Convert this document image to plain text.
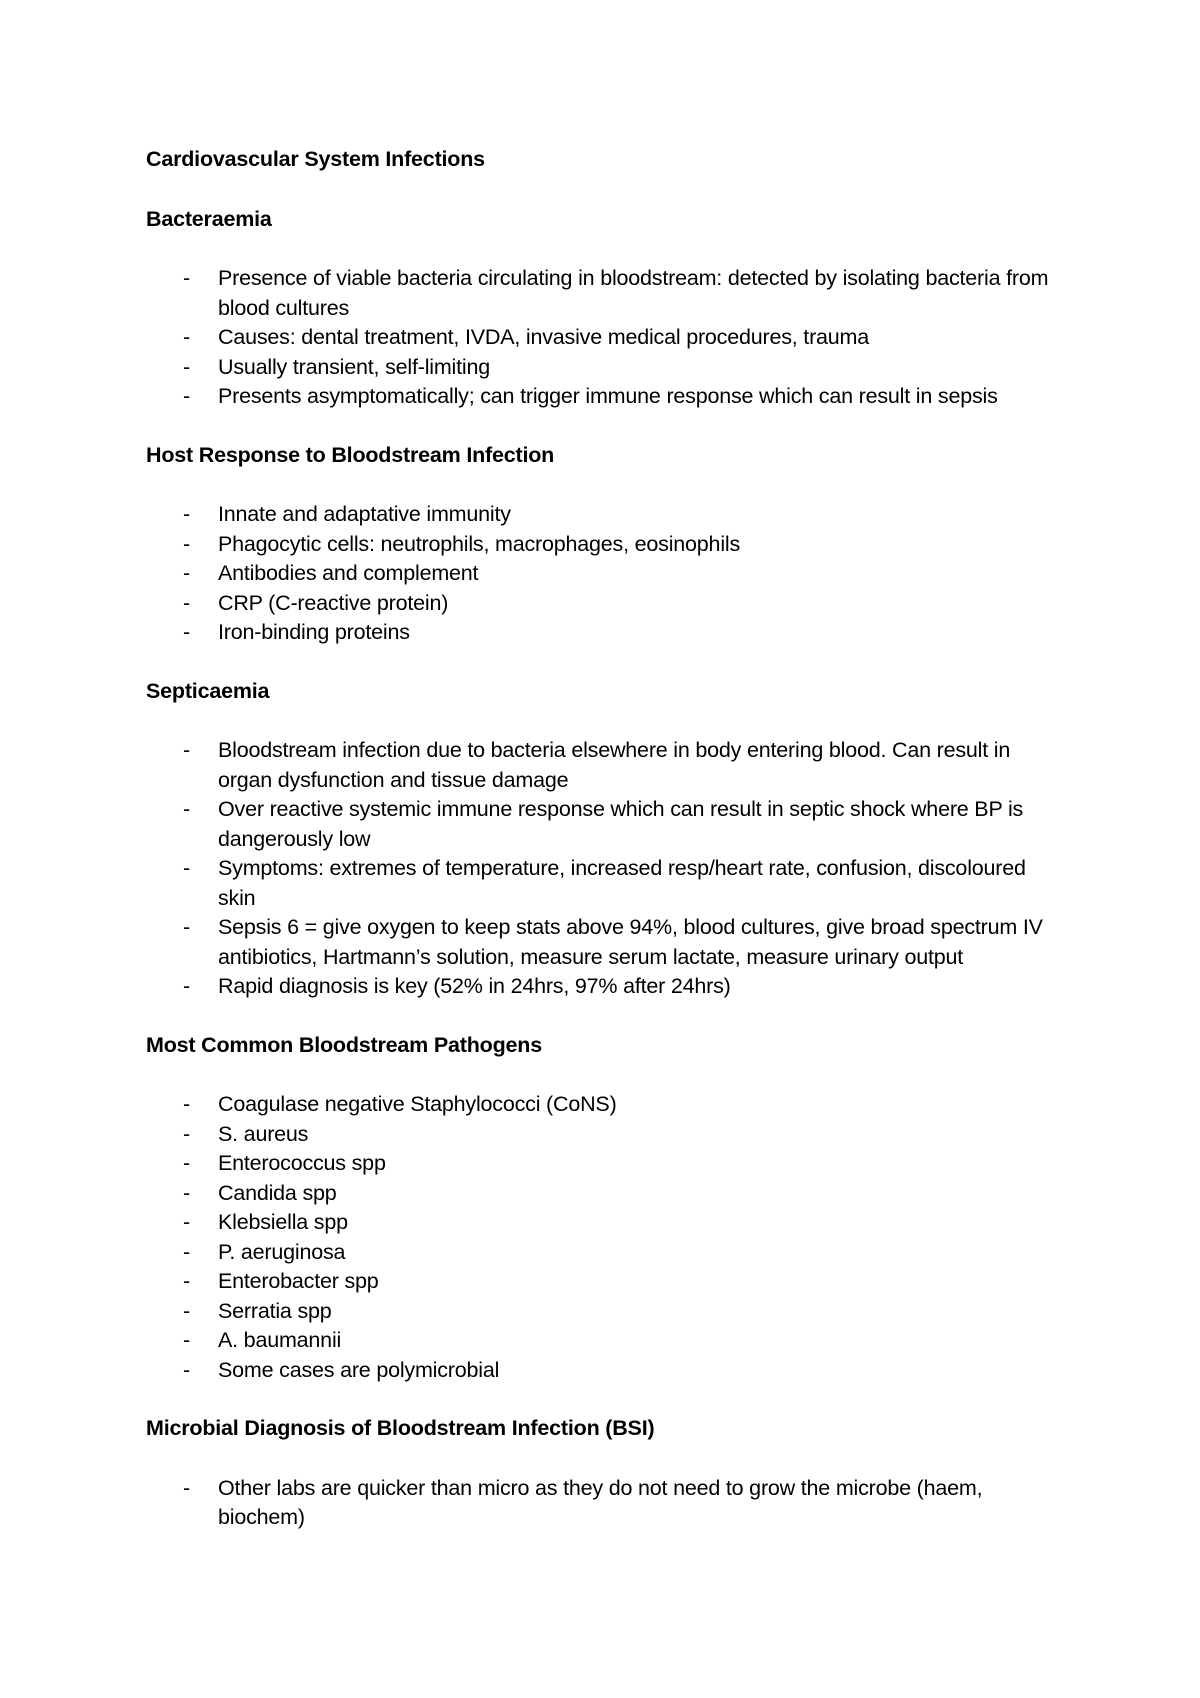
Cardiovascular System Infections

Bacteraemia

- Presence of viable bacteria circulating in bloodstream: detected by isolating bacteria from blood cultures
- Causes: dental treatment, IVDA, invasive medical procedures, trauma
- Usually transient, self-limiting
- Presents asymptomatically; can trigger immune response which can result in sepsis

Host Response to Bloodstream Infection

- Innate and adaptative immunity
- Phagocytic cells: neutrophils, macrophages, eosinophils
- Antibodies and complement
- CRP (C-reactive protein)
- Iron-binding proteins

Septicaemia

- Bloodstream infection due to bacteria elsewhere in body entering blood. Can result in organ dysfunction and tissue damage
- Over reactive systemic immune response which can result in septic shock where BP is dangerously low
- Symptoms: extremes of temperature, increased resp/heart rate, confusion, discoloured skin
- Sepsis 6 = give oxygen to keep stats above 94%, blood cultures, give broad spectrum IV antibiotics, Hartmann’s solution, measure serum lactate, measure urinary output
- Rapid diagnosis is key (52% in 24hrs, 97% after 24hrs)

Most Common Bloodstream Pathogens

- Coagulase negative Staphylococci (CoNS)
- S. aureus
- Enterococcus spp
- Candida spp
- Klebsiella spp
- P. aeruginosa
- Enterobacter spp
- Serratia spp
- A. baumannii
- Some cases are polymicrobial

Microbial Diagnosis of Bloodstream Infection (BSI)

- Other labs are quicker than micro as they do not need to grow the microbe (haem, biochem)
